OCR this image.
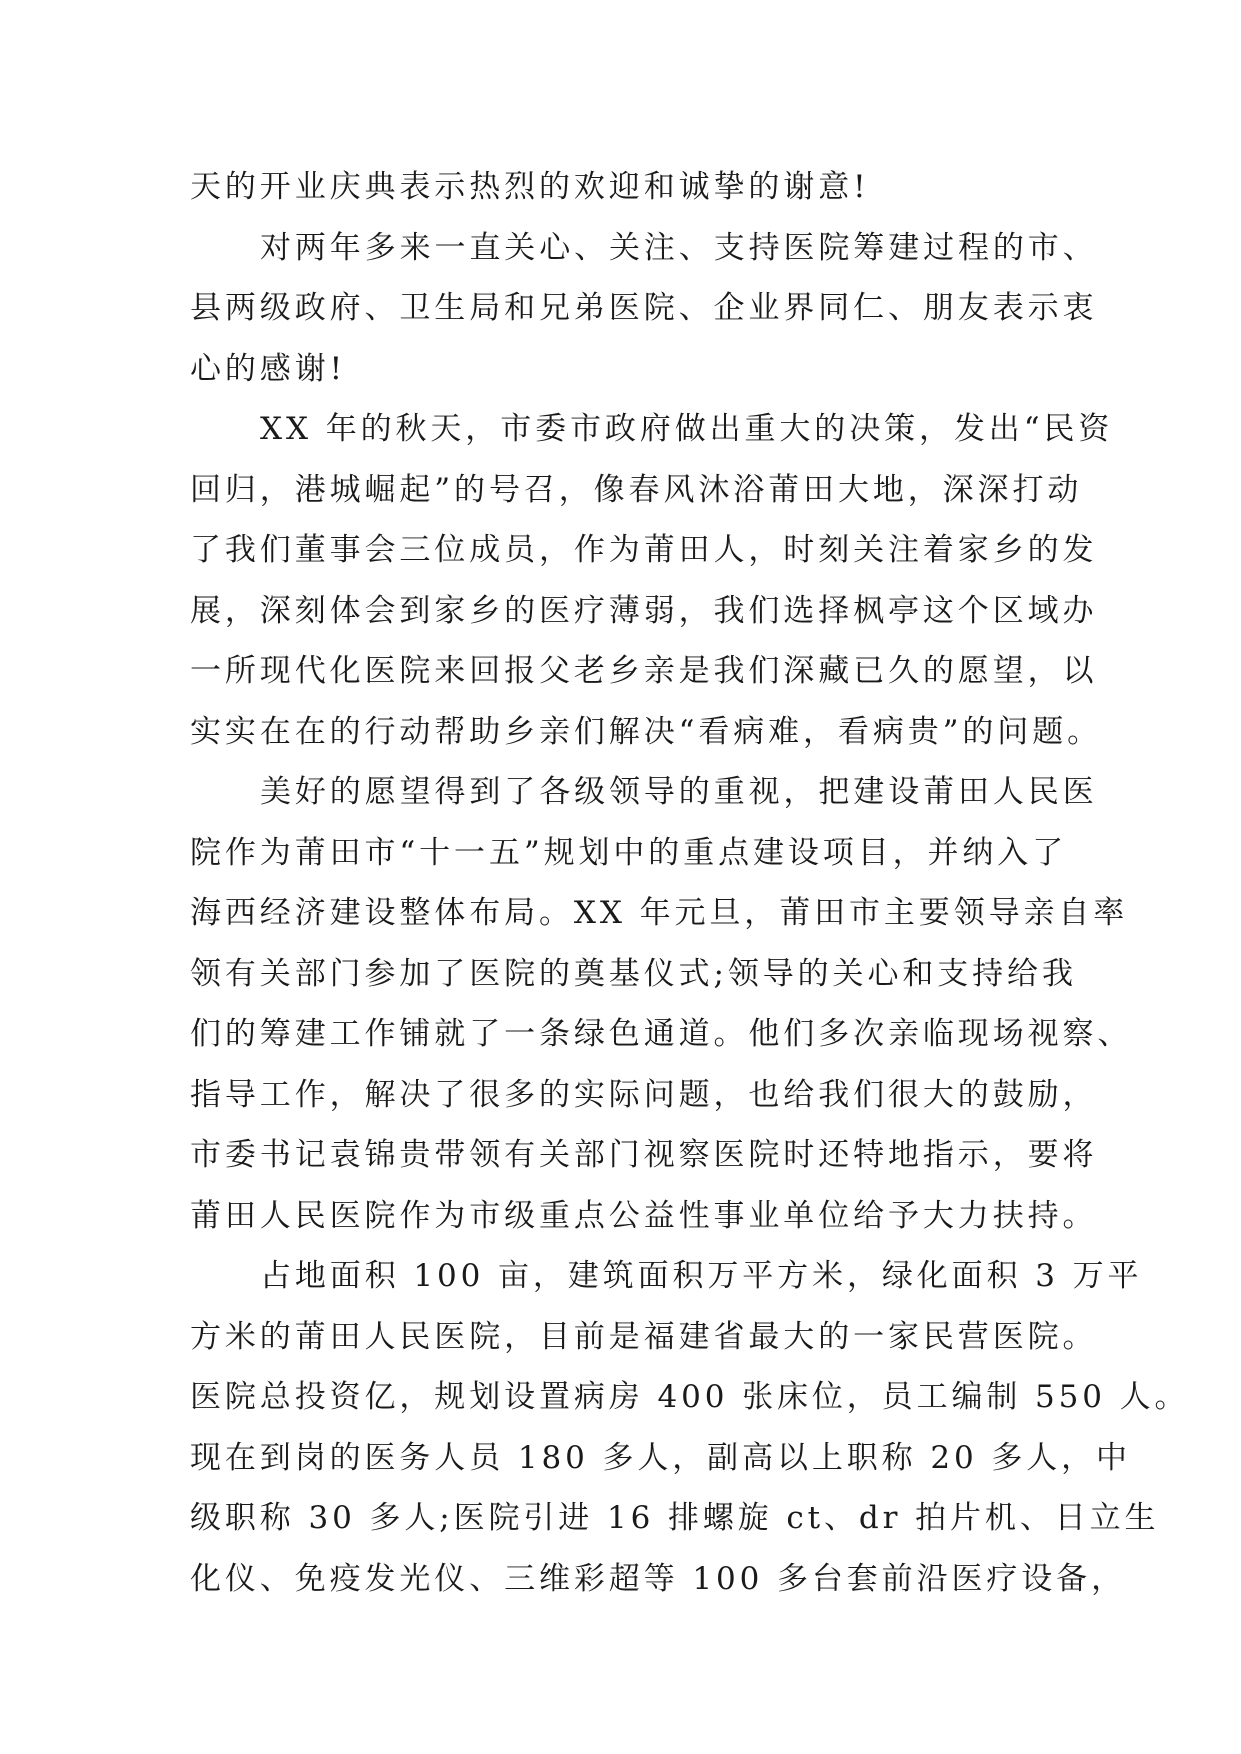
天的开业庆典表示热烈的欢迎和诚挚的谢意!

对两年多来一直关心、关注、支持医院筹建过程的市、
县两级政府、卫生局和兄弟医院、企业界同仁、朋友表示衷
心的感谢!

XX 年的秋天，市委市政府做出重大的决策，发出“民资
回归，港城崛起”的号召，像春风沐浴莆田大地，深深打动
了我们董事会三位成员，作为莆田人，时刻关注着家乡的发
展，深刻体会到家乡的医疗薄弱，我们选择枫亭这个区域办
一所现代化医院来回报父老乡亲是我们深藏已久的愿望，以
实实在在的行动帮助乡亲们解决“看病难，看病贵”的问题。

美好的愿望得到了各级领导的重视，把建设莆田人民医
院作为莆田市“十一五”规划中的重点建设项目，并纳入了
海西经济建设整体布局。XX 年元旦，莆田市主要领导亲自率
领有关部门参加了医院的奠基仪式;领导的关心和支持给我
们的筹建工作铺就了一条绿色通道。他们多次亲临现场视察、
指导工作，解决了很多的实际问题，也给我们很大的鼓励，
市委书记袁锦贵带领有关部门视察医院时还特地指示，要将
莆田人民医院作为市级重点公益性事业单位给予大力扶持。

占地面积 100 亩，建筑面积万平方米，绿化面积 3 万平
方米的莆田人民医院，目前是福建省最大的一家民营医院。
医院总投资亿，规划设置病房 400 张床位，员工编制 550 人。
现在到岗的医务人员 180 多人，副高以上职称 20 多人，中
级职称 30 多人;医院引进 16 排螺旋 ct、dr 拍片机、日立生
化仪、免疫发光仪、三维彩超等 100 多台套前沿医疗设备，
